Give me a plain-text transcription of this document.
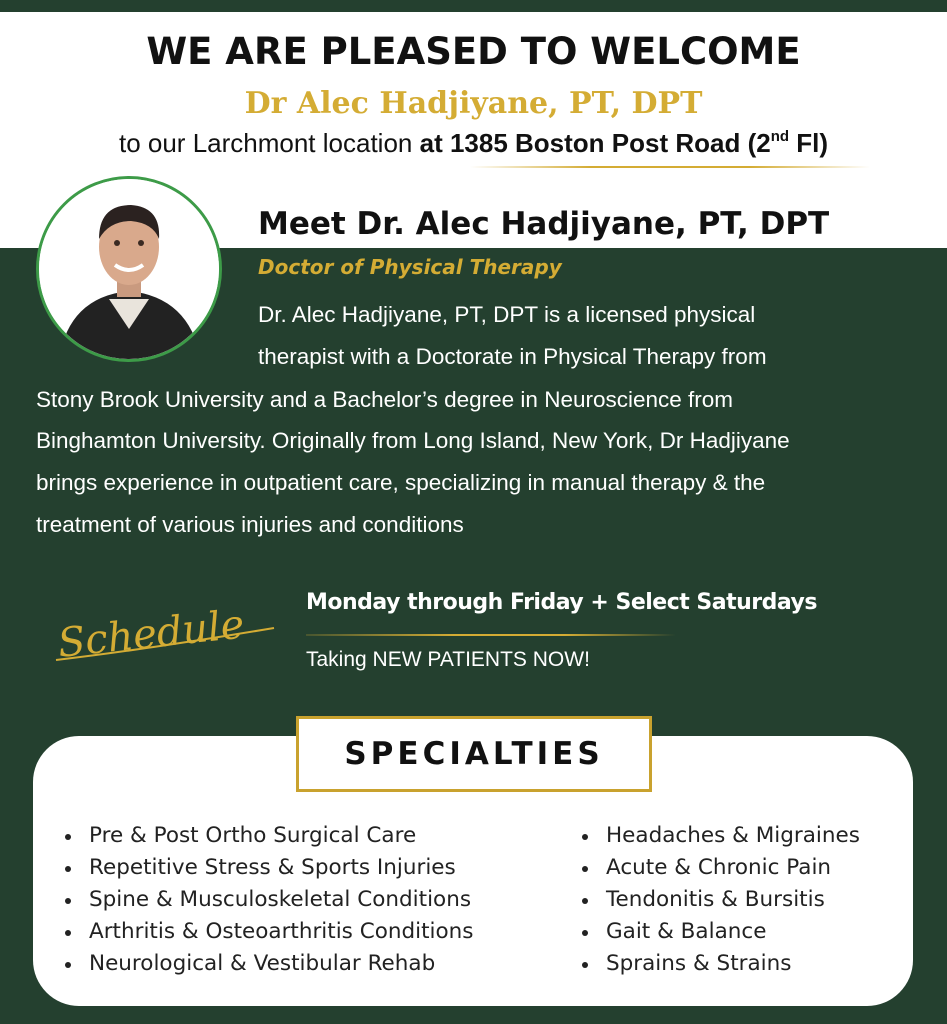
WE ARE PLEASED TO WELCOME
Dr Alec Hadjiyane, PT, DPT
to our Larchmont location at 1385 Boston Post Road (2nd Fl)
Meet Dr. Alec Hadjiyane, PT, DPT
Doctor of Physical Therapy
Dr. Alec Hadjiyane, PT, DPT is a licensed physical
therapist with a Doctorate in Physical Therapy from
Stony Brook University and a Bachelor’s degree in Neuroscience from
Binghamton University. Originally from Long Island, New York, Dr Hadjiyane
brings experience in outpatient care, specializing in manual therapy & the
treatment of various injuries and conditions
Schedule	Monday through Friday + Select Saturdays
Taking NEW PATIENTS NOW!
SPECIALTIES
Pre & Post Ortho Surgical Care
Repetitive Stress & Sports Injuries
Spine & Musculoskeletal Conditions
Arthritis & Osteoarthritis Conditions
Neurological & Vestibular Rehab
Headaches & Migraines
Acute & Chronic Pain
Tendonitis & Bursitis
Gait & Balance
Sprains & Strains
